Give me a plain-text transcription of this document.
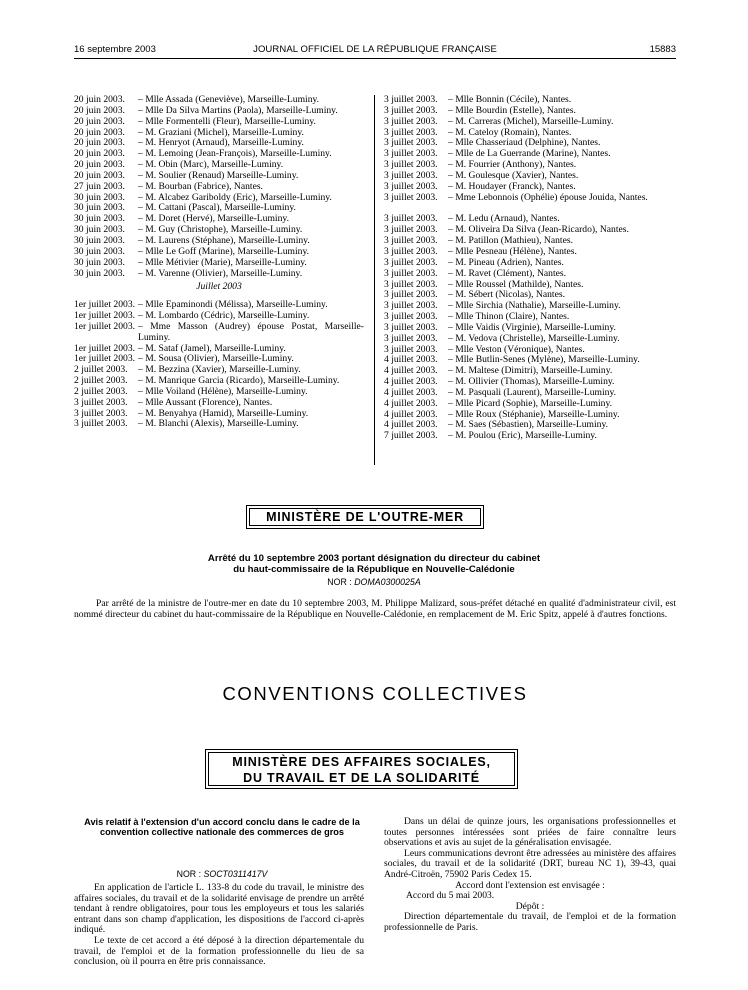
16 septembre 2003	JOURNAL OFFICIEL DE LA RÉPUBLIQUE FRANÇAISE	15883
20 juin 2003.	– Mlle Assada (Geneviève), Marseille-Luminy.
20 juin 2003.	– Mlle Da Silva Martins (Paola), Marseille-Luminy.
20 juin 2003.	– Mlle Formentelli (Fleur), Marseille-Luminy.
20 juin 2003.	– M. Graziani (Michel), Marseille-Luminy.
20 juin 2003.	– M. Henryot (Arnaud), Marseille-Luminy.
20 juin 2003.	– M. Lemoing (Jean-François), Marseille-Luminy.
20 juin 2003.	– M. Obin (Marc), Marseille-Luminy.
20 juin 2003.	– M. Soulier (Renaud) Marseille-Luminy.
27 juin 2003.	– M. Bourban (Fabrice), Nantes.
30 juin 2003.	– M. Alcabez Gariboldy (Eric), Marseille-Luminy.
30 juin 2003.	– M. Cattani (Pascal), Marseille-Luminy.
30 juin 2003.	– M. Doret (Hervé), Marseille-Luminy.
30 juin 2003.	– M. Guy (Christophe), Marseille-Luminy.
30 juin 2003.	– M. Laurens (Stéphane), Marseille-Luminy.
30 juin 2003.	– Mlle Le Goff (Marine), Marseille-Luminy.
30 juin 2003.	– Mlle Métivier (Marie), Marseille-Luminy.
30 juin 2003.	– M. Varenne (Olivier), Marseille-Luminy.
Juillet 2003
1er juillet 2003. – Mlle Epaminondi (Mélissa), Marseille-Luminy.
1er juillet 2003. – M. Lombardo (Cédric), Marseille-Luminy.
1er juillet 2003. – Mme Masson (Audrey) épouse Postat, Marseille-Luminy.
1er juillet 2003. – M. Sataf (Jamel), Marseille-Luminy.
1er juillet 2003. – M. Sousa (Olivier), Marseille-Luminy.
2 juillet 2003.	– M. Bezzina (Xavier), Marseille-Luminy.
2 juillet 2003.	– M. Manrique Garcia (Ricardo), Marseille-Luminy.
2 juillet 2003.	– Mlle Voiland (Hélène), Marseille-Luminy.
3 juillet 2003.	– Mlle Aussant (Florence), Nantes.
3 juillet 2003.	– M. Benyahya (Hamid), Marseille-Luminy.
3 juillet 2003.	– M. Blanchi (Alexis), Marseille-Luminy.
3 juillet 2003.	– Mlle Bonnin (Cécile), Nantes.
3 juillet 2003.	– Mlle Bourdin (Estelle), Nantes.
3 juillet 2003.	– M. Carreras (Michel), Marseille-Luminy.
3 juillet 2003.	– M. Cateloy (Romain), Nantes.
3 juillet 2003.	– Mlle Chasseriaud (Delphine), Nantes.
3 juillet 2003.	– Mlle de La Guerrande (Marine), Nantes.
3 juillet 2003.	– M. Fourrier (Anthony), Nantes.
3 juillet 2003.	– M. Goulesque (Xavier), Nantes.
3 juillet 2003.	– M. Houdayer (Franck), Nantes.
3 juillet 2003.	– Mme Lebonnois (Ophélie) épouse Jouida, Nantes.
3 juillet 2003.	– M. Ledu (Arnaud), Nantes.
3 juillet 2003.	– M. Oliveira Da Silva (Jean-Ricardo), Nantes.
3 juillet 2003.	– M. Patillon (Mathieu), Nantes.
3 juillet 2003.	– Mlle Pesneau (Hélène), Nantes.
3 juillet 2003.	– M. Pineau (Adrien), Nantes.
3 juillet 2003.	– M. Ravet (Clément), Nantes.
3 juillet 2003.	– Mlle Roussel (Mathilde), Nantes.
3 juillet 2003.	– M. Sébert (Nicolas), Nantes.
3 juillet 2003.	– Mlle Sirchia (Nathalie), Marseille-Luminy.
3 juillet 2003.	– Mlle Thinon (Claire), Nantes.
3 juillet 2003.	– Mlle Vaidis (Virginie), Marseille-Luminy.
3 juillet 2003.	– M. Vedova (Christelle), Marseille-Luminy.
3 juillet 2003.	– Mlle Veston (Véronique), Nantes.
4 juillet 2003.	– Mlle Butlin-Senes (Mylène), Marseille-Luminy.
4 juillet 2003.	– M. Maltese (Dimitri), Marseille-Luminy.
4 juillet 2003.	– M. Ollivier (Thomas), Marseille-Luminy.
4 juillet 2003.	– M. Pasquali (Laurent), Marseille-Luminy.
4 juillet 2003.	– Mlle Picard (Sophie), Marseille-Luminy.
4 juillet 2003.	– Mlle Roux (Stéphanie), Marseille-Luminy.
4 juillet 2003.	– M. Saes (Sébastien), Marseille-Luminy.
7 juillet 2003.	– M. Poulou (Eric), Marseille-Luminy.
MINISTÈRE DE L'OUTRE-MER
Arrêté du 10 septembre 2003 portant désignation du directeur du cabinet
du haut-commissaire de la République en Nouvelle-Calédonie
NOR : DOMA0300025A
Par arrêté de la ministre de l'outre-mer en date du 10 septembre 2003, M. Philippe Malizard, sous-préfet détaché en qualité d'administrateur civil, est nommé directeur du cabinet du haut-commissaire de la République en Nouvelle-Calédonie, en remplacement de M. Eric Spitz, appelé à d'autres fonctions.
CONVENTIONS COLLECTIVES
MINISTÈRE DES AFFAIRES SOCIALES,
DU TRAVAIL ET DE LA SOLIDARITÉ
Avis relatif à l'extension d'un accord conclu dans le cadre de la convention collective nationale des commerces de gros
NOR : SOCT0311417V
En application de l'article L. 133-8 du code du travail, le ministre des affaires sociales, du travail et de la solidarité envisage de prendre un arrêté tendant à rendre obligatoires, pour tous les employeurs et tous les salariés entrant dans son champ d'application, les dispositions de l'accord ci-après indiqué.
Le texte de cet accord a été déposé à la direction départementale du travail, de l'emploi et de la formation professionnelle du lieu de sa conclusion, où il pourra en être pris connaissance.
Dans un délai de quinze jours, les organisations professionnelles et toutes personnes intéressées sont priées de faire connaître leurs observations et avis au sujet de la généralisation envisagée.
Leurs communications devront être adressées au ministère des affaires sociales, du travail et de la solidarité (DRT, bureau NC 1), 39-43, quai André-Citroën, 75902 Paris Cedex 15.
Accord dont l'extension est envisagée :
Accord du 5 mai 2003.
Dépôt :
Direction départementale du travail, de l'emploi et de la formation professionnelle de Paris.
